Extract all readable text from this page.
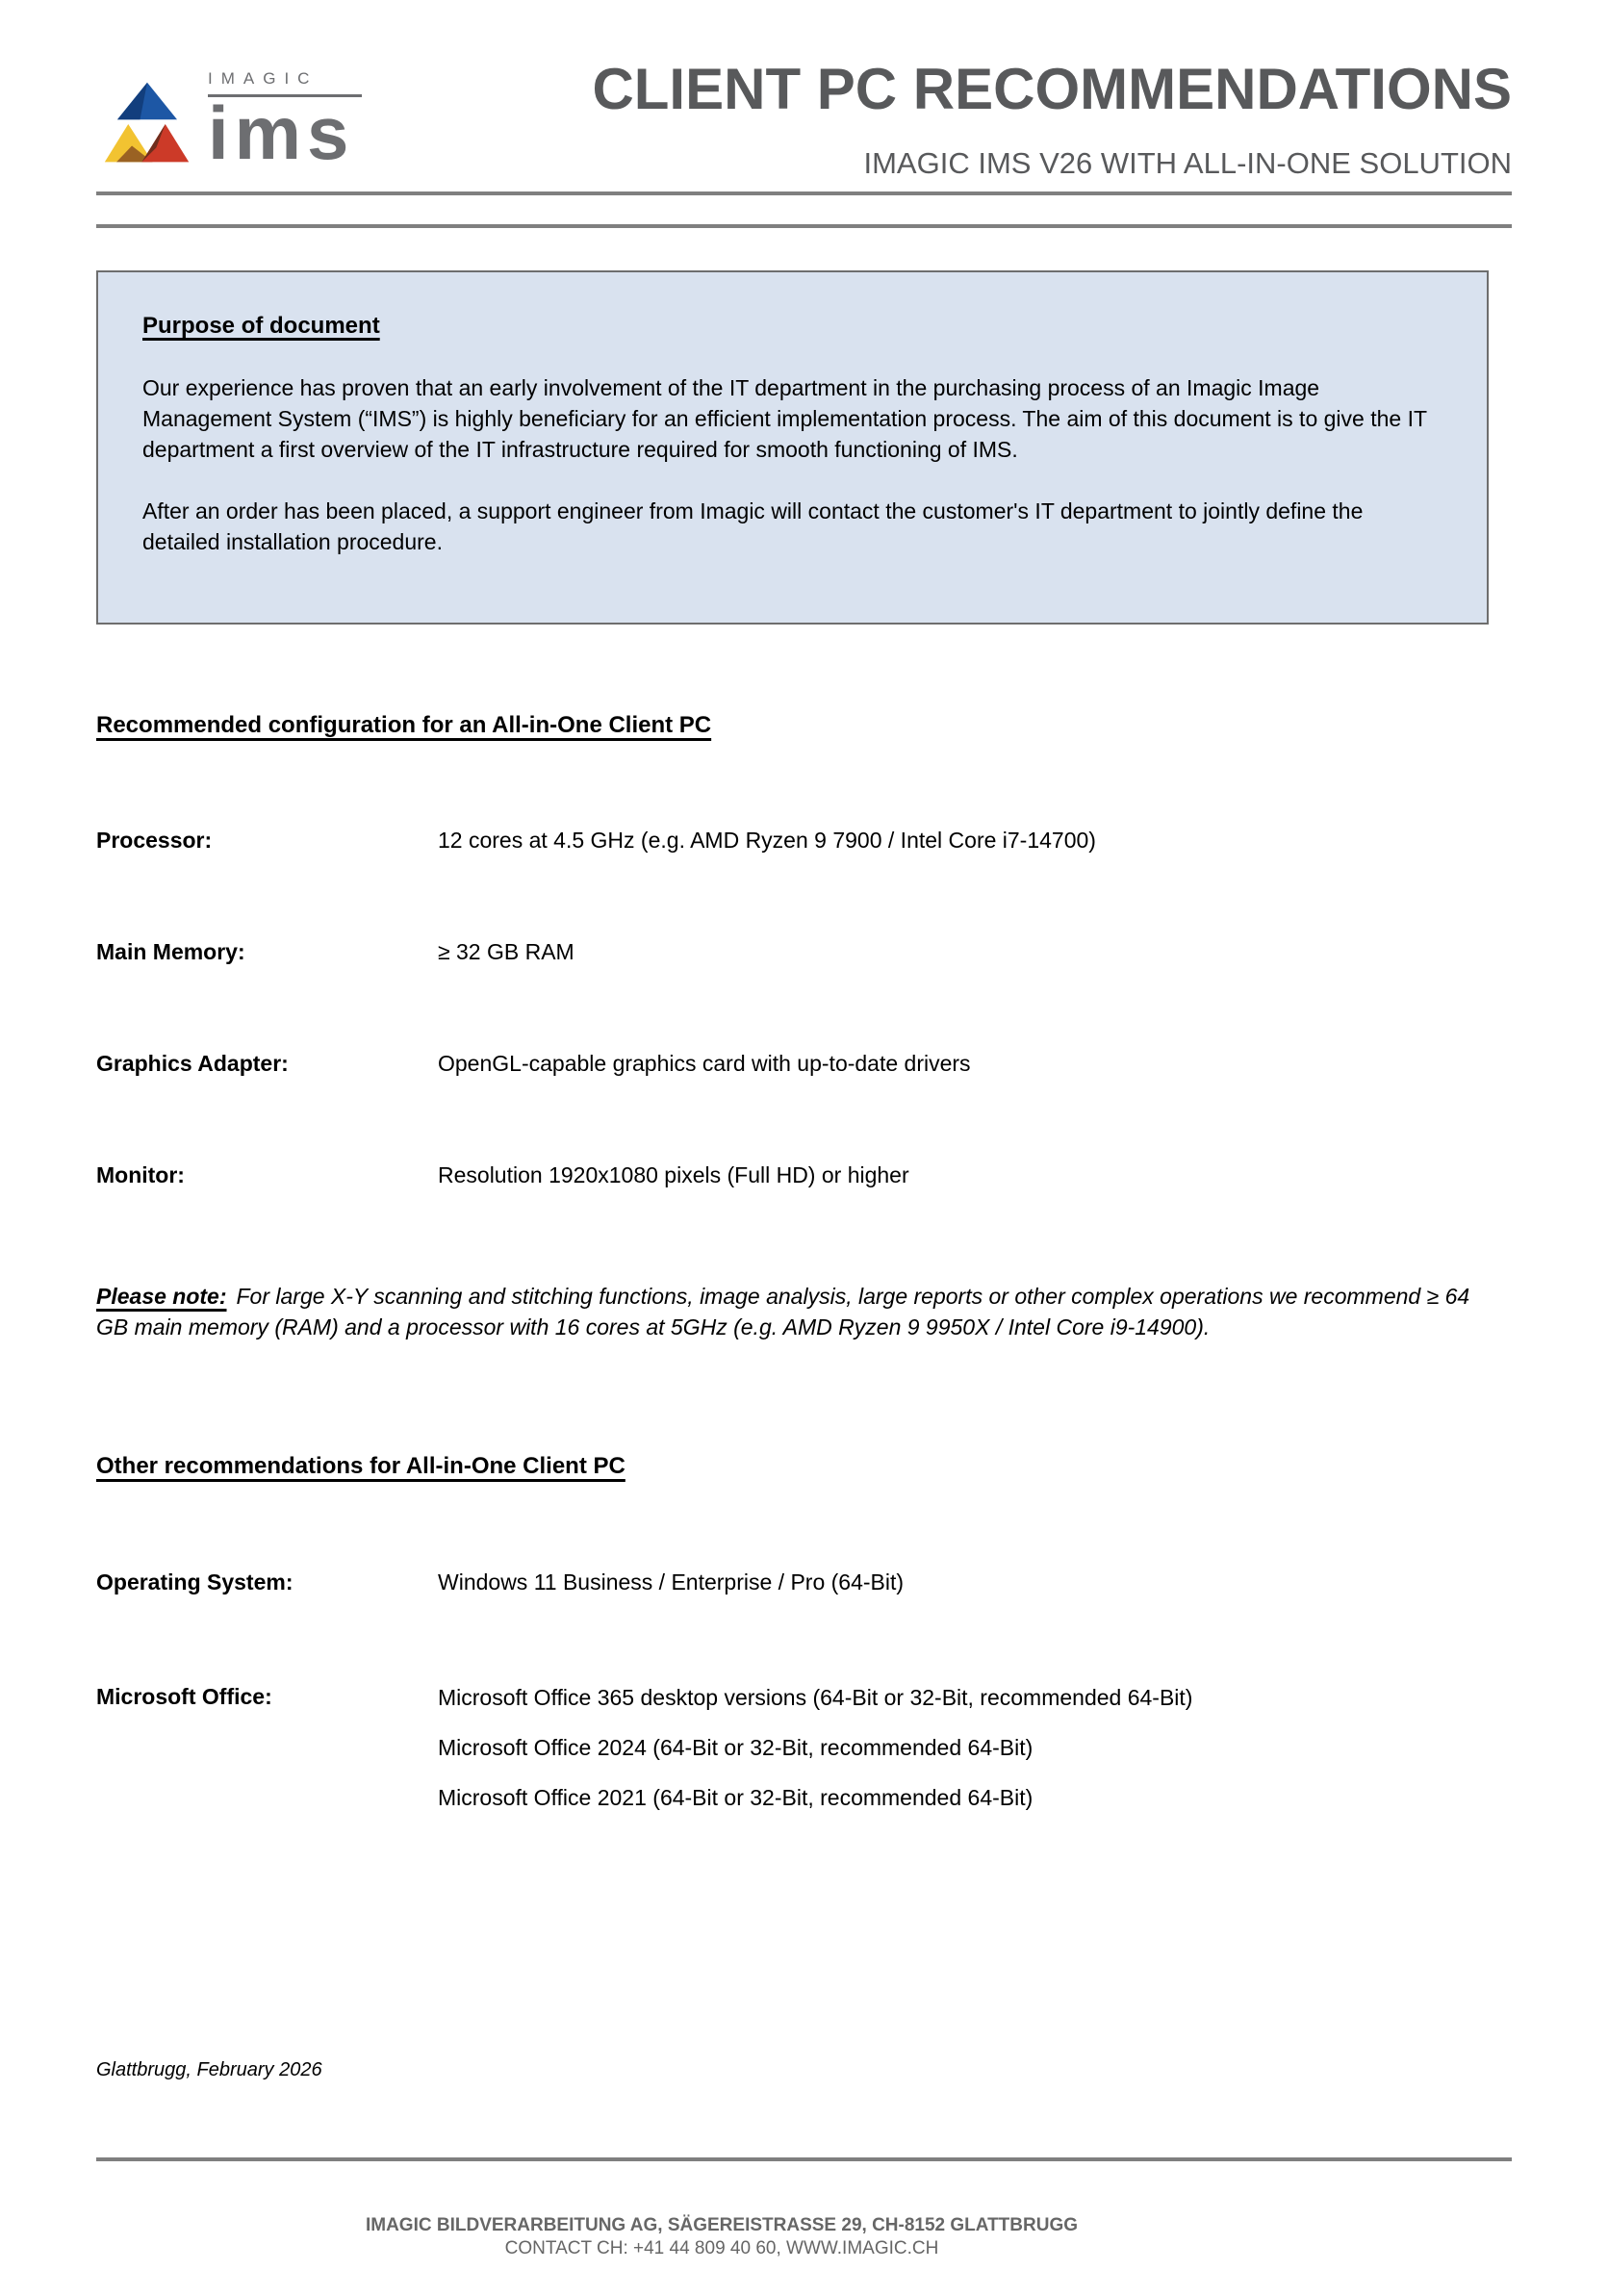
IMAGIC
ims
CLIENT PC RECOMMENDATIONS
IMAGIC IMS V26 WITH ALL-IN-ONE SOLUTION
Purpose of document

Our experience has proven that an early involvement of the IT department in the purchasing process of an Imagic Image Management System (“IMS”) is highly beneficiary for an efficient implementation process. The aim of this document is to give the IT department a first overview of the IT infrastructure required for smooth functioning of IMS.

After an order has been placed, a support engineer from Imagic will contact the customer's IT department to jointly define the detailed installation procedure.

Recommended configuration for an All-in-One Client PC
Processor:	12 cores at 4.5 GHz (e.g. AMD Ryzen 9 7900 / Intel Core i7-14700)
Main Memory:	≥ 32 GB RAM
Graphics Adapter:	OpenGL-capable graphics card with up-to-date drivers
Monitor:	Resolution 1920x1080 pixels (Full HD) or higher
Please note: For large X-Y scanning and stitching functions, image analysis, large reports or other complex operations we recommend ≥ 64 GB main memory (RAM) and a processor with 16 cores at 5GHz (e.g. AMD Ryzen 9 9950X / Intel Core i9-14900).
Other recommendations for All-in-One Client PC
Operating System:	Windows 11 Business / Enterprise / Pro (64-Bit)
Microsoft Office:	Microsoft Office 365 desktop versions (64-Bit or 32-Bit, recommended 64-Bit)
Microsoft Office 2024 (64-Bit or 32-Bit, recommended 64-Bit)
Microsoft Office 2021 (64-Bit or 32-Bit, recommended 64-Bit)
Glattbrugg, February 2026
IMAGIC BILDVERARBEITUNG AG, SÄGEREISTRASSE 29, CH-8152 GLATTBRUGG
CONTACT CH: +41 44 809 40 60, WWW.IMAGIC.CH
